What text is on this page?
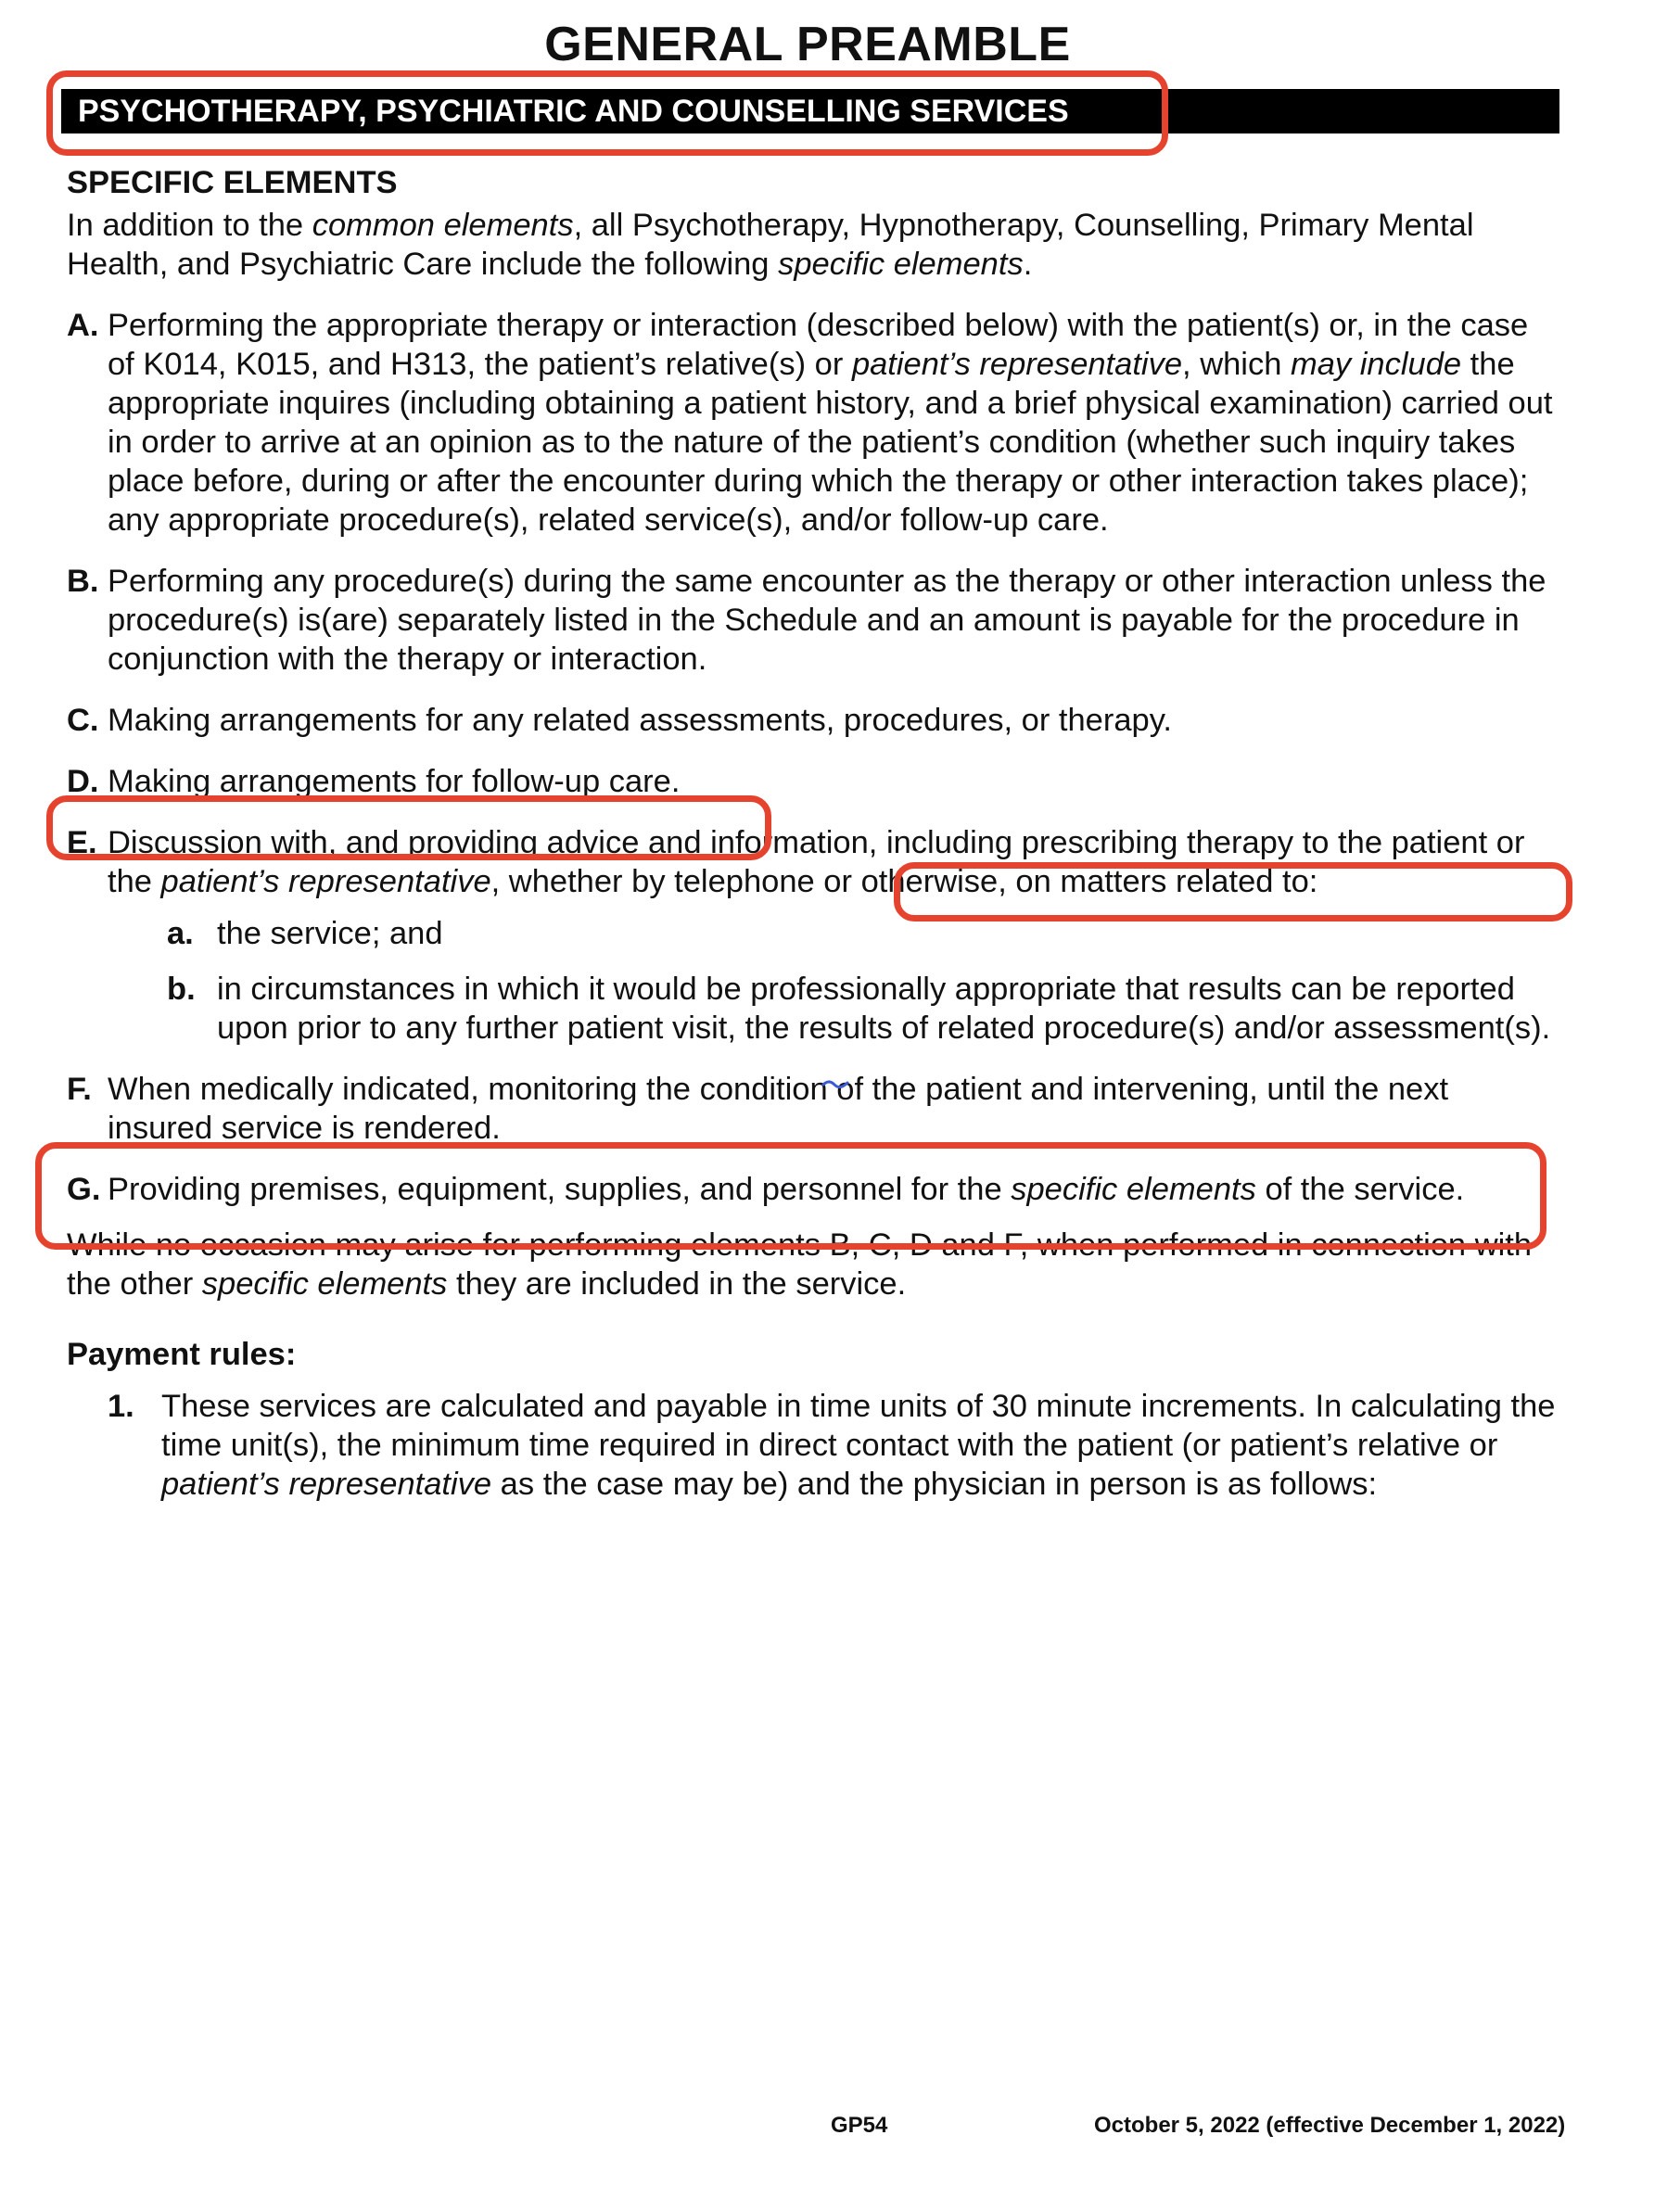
GENERAL PREAMBLE
PSYCHOTHERAPY, PSYCHIATRIC AND COUNSELLING SERVICES
SPECIFIC ELEMENTS
In addition to the common elements, all Psychotherapy, Hypnotherapy, Counselling, Primary Mental Health, and Psychiatric Care include the following specific elements.
A. Performing the appropriate therapy or interaction (described below) with the patient(s) or, in the case of K014, K015, and H313, the patient’s relative(s) or patient’s representative, which may include the appropriate inquires (including obtaining a patient history, and a brief physical examination) carried out in order to arrive at an opinion as to the nature of the patient’s condition (whether such inquiry takes place before, during or after the encounter during which the therapy or other interaction takes place); any appropriate procedure(s), related service(s), and/or follow-up care.
B. Performing any procedure(s) during the same encounter as the therapy or other interaction unless the procedure(s) is(are) separately listed in the Schedule and an amount is payable for the procedure in conjunction with the therapy or interaction.
C. Making arrangements for any related assessments, procedures, or therapy.
D. Making arrangements for follow-up care.
E. Discussion with, and providing advice and information, including prescribing therapy to the patient or the patient’s representative, whether by telephone or otherwise, on matters related to:
a. the service; and
b. in circumstances in which it would be professionally appropriate that results can be reported upon prior to any further patient visit, the results of related procedure(s) and/or assessment(s).
F. When medically indicated, monitoring the condition of the patient and intervening, until the next insured service is rendered.
G. Providing premises, equipment, supplies, and personnel for the specific elements of the service.
While no occasion may arise for performing elements B, C, D and F, when performed in connection with the other specific elements they are included in the service.
Payment rules:
1. These services are calculated and payable in time units of 30 minute increments. In calculating the time unit(s), the minimum time required in direct contact with the patient (or patient’s relative or patient’s representative as the case may be) and the physician in person is as follows:
GP54	October 5, 2022 (effective December 1, 2022)
